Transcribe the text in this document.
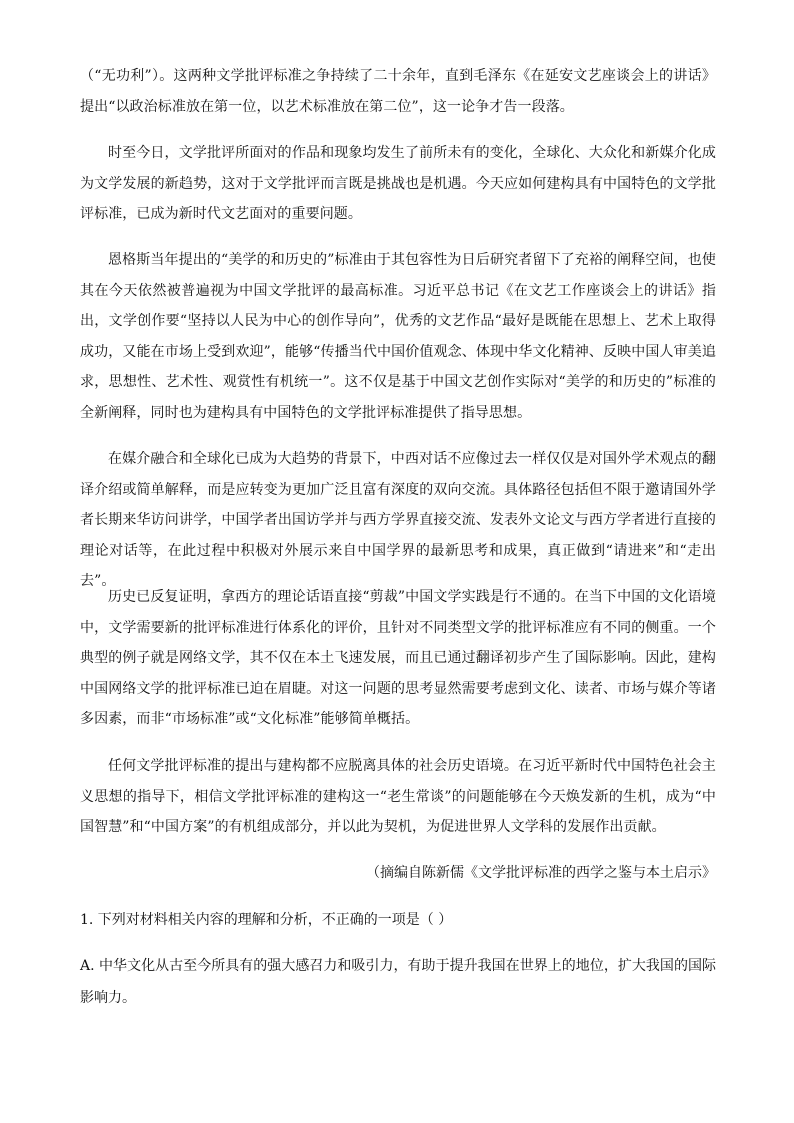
（“无功利”）。这两种文学批评标准之争持续了二十余年，直到毛泽东《在延安文艺座谈会上的讲话》提出“以政治标准放在第一位，以艺术标准放在第二位”，这一论争才告一段落。

时至今日，文学批评所面对的作品和现象均发生了前所未有的变化，全球化、大众化和新媒介化成为文学发展的新趋势，这对于文学批评而言既是挑战也是机遇。今天应如何建构具有中国特色的文学批评标准，已成为新时代文艺面对的重要问题。

恩格斯当年提出的“美学的和历史的”标准由于其包容性为日后研究者留下了充裕的阐释空间，也使其在今天依然被普遍视为中国文学批评的最高标准。习近平总书记《在文艺工作座谈会上的讲话》指出，文学创作要“坚持以人民为中心的创作导向”，优秀的文艺作品“最好是既能在思想上、艺术上取得成功，又能在市场上受到欢迎”，能够“传播当代中国价值观念、体现中华文化精神、反映中国人审美追求，思想性、艺术性、观赏性有机统一”。这不仅是基于中国文艺创作实际对“美学的和历史的”标准的全新阐释，同时也为建构具有中国特色的文学批评标准提供了指导思想。

在媒介融合和全球化已成为大趋势的背景下，中西对话不应像过去一样仅仅是对国外学术观点的翻译介绍或简单解释，而是应转变为更加广泛且富有深度的双向交流。具体路径包括但不限于邀请国外学者长期来华访问讲学，中国学者出国访学并与西方学界直接交流、发表外文论文与西方学者进行直接的理论对话等，在此过程中积极对外展示来自中国学界的最新思考和成果，真正做到“请进来”和“走出去”。

历史已反复证明，拿西方的理论话语直接“剪裁”中国文学实践是行不通的。在当下中国的文化语境中，文学需要新的批评标准进行体系化的评价，且针对不同类型文学的批评标准应有不同的侧重。一个典型的例子就是网络文学，其不仅在本土飞速发展，而且已通过翻译初步产生了国际影响。因此，建构中国网络文学的批评标准已迫在眉睫。对这一问题的思考显然需要考虑到文化、读者、市场与媒介等诸多因素，而非“市场标准”或“文化标准”能够简单概括。

任何文学批评标准的提出与建构都不应脱离具体的社会历史语境。在习近平新时代中国特色社会主义思想的指导下，相信文学批评标准的建构这一“老生常谈”的问题能够在今天焕发新的生机，成为“中国智慧”和“中国方案”的有机组成部分，并以此为契机，为促进世界人文学科的发展作出贡献。

（摘编自陈新儒《文学批评标准的西学之鉴与本土启示》

1. 下列对材料相关内容的理解和分析，不正确的一项是（ ）

A. 中华文化从古至今所具有的强大感召力和吸引力，有助于提升我国在世界上的地位，扩大我国的国际影响力。
